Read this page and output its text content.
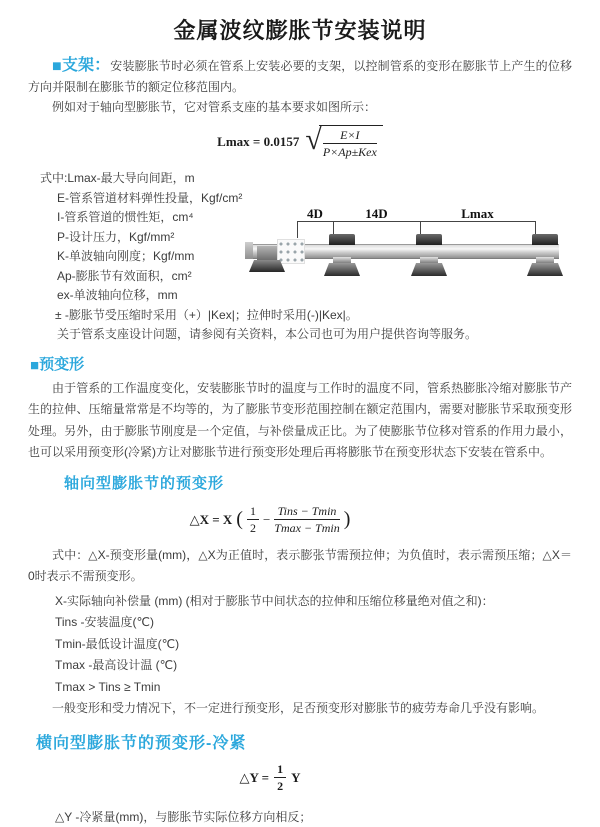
金属波纹膨胀节安装说明

■支架：安装膨胀节时必须在管系上安装必要的支架，以控制管系的变形在膨胀节上产生的位移方向并限制在膨胀节的额定位移范围内。

例如对于轴向型膨胀节，它对管系支座的基本要求如图所示：

Lmax = 0.0157 √ $\frac{E\times I}{\text{P×Ap±Kex}}$
式中:Lmax-最大导向间距，m
E-管系管道材料弹性投量，Kgf/cm²
I-管系管道的惯性矩，cm⁴
P-设计压力，Kgf/mm²
K-单波轴向刚度；Kgf/mm
Ap-膨胀节有效面积，cm²
ex-单波轴向位移，mm
± -膨胀节受压缩时采用（+）|Kex|；拉伸时采用(-)|Kex|。
关于管系支座设计问题，请参阅有关资料，本公司也可为用户提供咨询等服务。
4D	14D	Lmax
■预变形

由于管系的工作温度变化，安装膨胀节时的温度与工作时的温度不同，管系热膨胀冷缩对膨胀节产生的拉伸、压缩量常常是不均等的，为了膨胀节变形范围控制在额定范围内，需要对膨胀节采取预变形处理。另外，由于膨胀节刚度是一个定值，与补偿量成正比。为了使膨胀节位移对管系的作用力最小，也可以采用预变形(冷紧)方让对膨胀节进行预变形处理后再将膨胀节在预变形状态下安装在管系中。

轴向型膨胀节的预变形
△X = X ( $\frac{1}{2} - \frac{\text{Tins − Tmin}}{Tmax - Tmin}$ )

式中：△X-预变形量(mm)，△X为正值时，表示膨张节需预拉伸；为负值时，表示需预压缩；△X＝0时表示不需预变形。

X-实际轴向补偿量 (mm) (相对于膨胀节中间状态的拉伸和压缩位移量绝对值之和)：
Tins -安装温度(℃)
Tmin-最低设计温度(℃)
Tmax -最高设计温 (℃)
Tmax > Tins ≥ Tmin
一般变形和受力情况下，不一定进行预变形，足否预变形对膨胀节的疲劳寿命几乎没有影响。
横向型膨胀节的预变形-冷紧
△Y = $\frac{1}{2}$ Y
△Y -冷紧量(mm)，与膨胀节实际位移方向相反；
